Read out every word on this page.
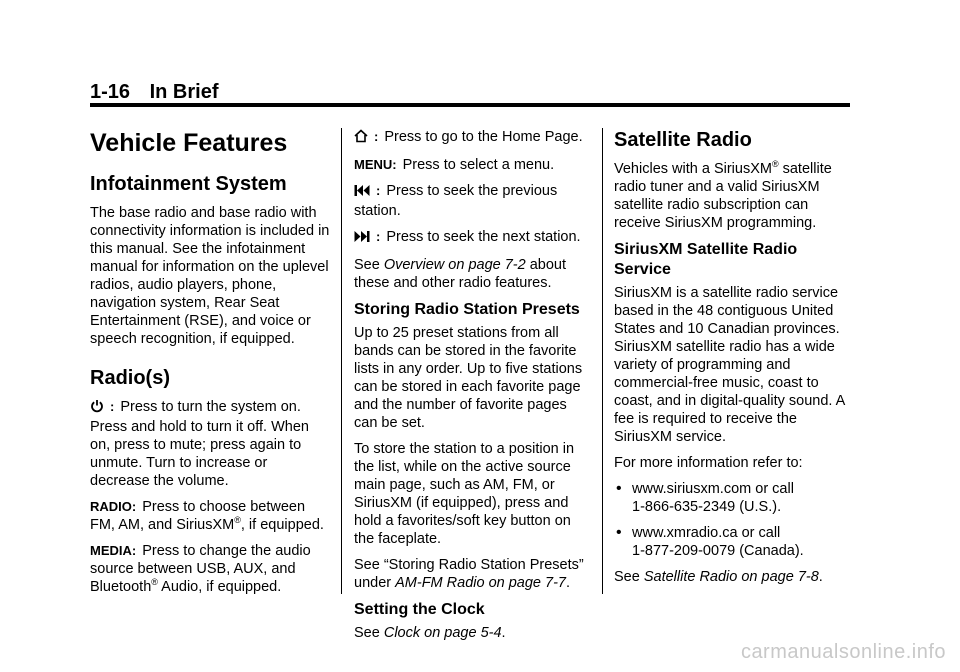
1-16 In Brief
Vehicle Features
Infotainment System

The base radio and base radio with connectivity information is included in this manual. See the infotainment manual for information on the uplevel radios, audio players, phone, navigation system, Rear Seat Entertainment (RSE), and voice or speech recognition, if equipped.

Radio(s)

: Press to turn the system on. Press and hold to turn it off. When on, press to mute; press again to unmute. Turn to increase or decrease the volume.

RADIO: Press to choose between FM, AM, and SiriusXM®, if equipped.

MEDIA: Press to change the audio source between USB, AUX, and Bluetooth® Audio, if equipped.

: Press to go to the Home Page.

MENU: Press to select a menu.

: Press to seek the previous station.

: Press to seek the next station.

See Overview on page 7-2 about these and other radio features.

Storing Radio Station Presets

Up to 25 preset stations from all bands can be stored in the favorite lists in any order. Up to five stations can be stored in each favorite page and the number of favorite pages can be set.

To store the station to a position in the list, while on the active source main page, such as AM, FM, or SiriusXM (if equipped), press and hold a favorites/soft key button on the faceplate.

See “Storing Radio Station Presets” under AM-FM Radio on page 7-7.

Setting the Clock

See Clock on page 5-4.

Satellite Radio

Vehicles with a SiriusXM® satellite radio tuner and a valid SiriusXM satellite radio subscription can receive SiriusXM programming.

SiriusXM Satellite Radio Service

SiriusXM is a satellite radio service based in the 48 contiguous United States and 10 Canadian provinces. SiriusXM satellite radio has a wide variety of programming and commercial-free music, coast to coast, and in digital-quality sound. A fee is required to receive the SiriusXM service.

For more information refer to:

• www.siriusxm.com or call
1-866-635-2349 (U.S.).
• www.xmradio.ca or call
1-877-209-0079 (Canada).

See Satellite Radio on page 7-8.

carmanualsonline.info
